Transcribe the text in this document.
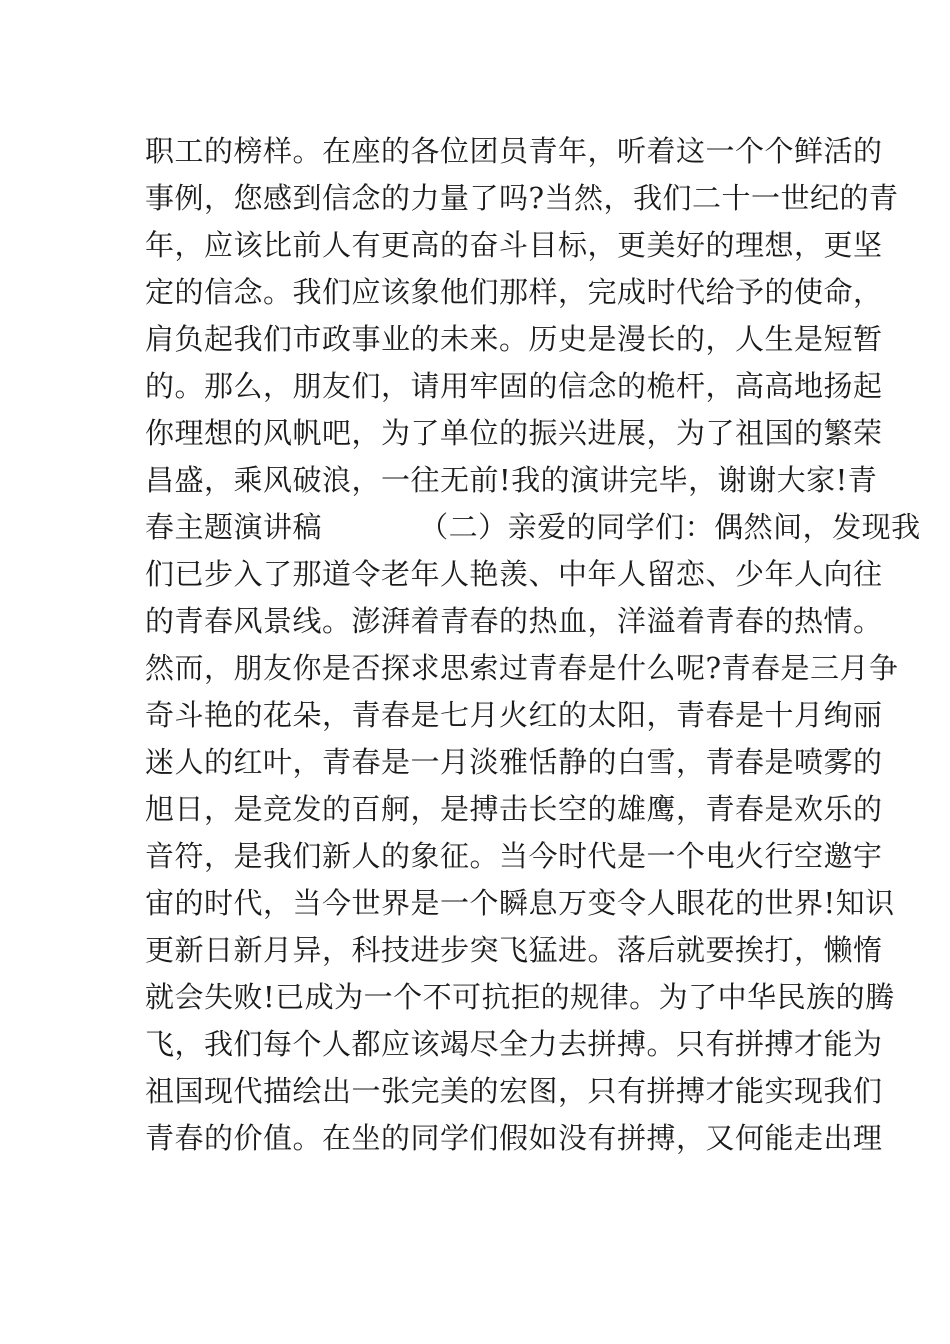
职工的榜样。在座的各位团员青年，听着这一个个鲜活的
事例，您感到信念的力量了吗?当然，我们二十一世纪的青
年，应该比前人有更高的奋斗目标，更美好的理想，更坚
定的信念。我们应该象他们那样，完成时代给予的使命，
肩负起我们市政事业的未来。历史是漫长的，人生是短暂
的。那么，朋友们，请用牢固的信念的桅杆，高高地扬起
你理想的风帆吧，为了单位的振兴进展，为了祖国的繁荣
昌盛，乘风破浪，一往无前!我的演讲完毕，谢谢大家!青
春主题演讲稿          （二）亲爱的同学们：偶然间，发现我
们已步入了那道令老年人艳羡、中年人留恋、少年人向往
的青春风景线。澎湃着青春的热血，洋溢着青春的热情。
然而，朋友你是否探求思索过青春是什么呢?青春是三月争
奇斗艳的花朵，青春是七月火红的太阳，青春是十月绚丽
迷人的红叶，青春是一月淡雅恬静的白雪，青春是喷雾的
旭日，是竞发的百舸，是搏击长空的雄鹰，青春是欢乐的
音符，是我们新人的象征。当今时代是一个电火行空邀宇
宙的时代，当今世界是一个瞬息万变令人眼花的世界!知识
更新日新月异，科技进步突飞猛进。落后就要挨打，懒惰
就会失败!已成为一个不可抗拒的规律。为了中华民族的腾
飞，我们每个人都应该竭尽全力去拼搏。只有拼搏才能为
祖国现代描绘出一张完美的宏图，只有拼搏才能实现我们
青春的价值。在坐的同学们假如没有拼搏，又何能走出理
